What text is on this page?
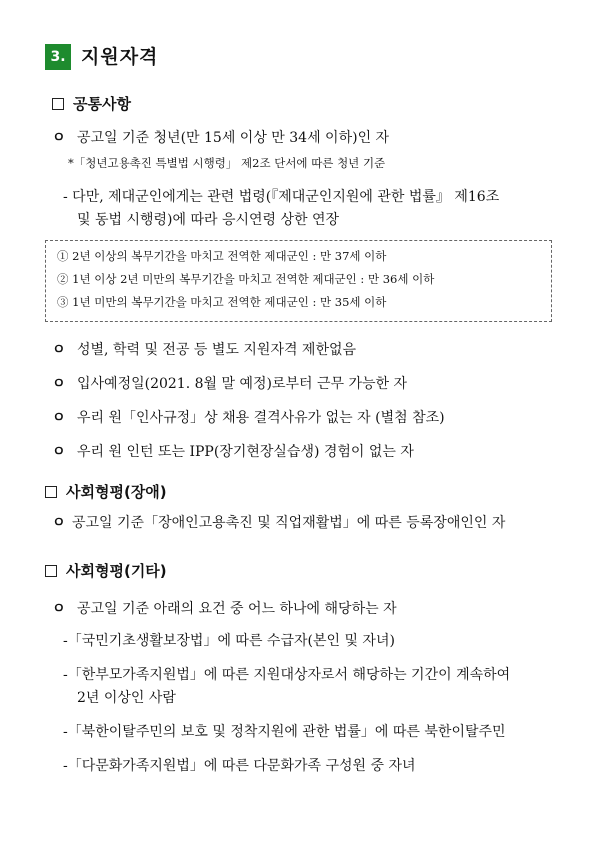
3. 지원자격
공통사항
ㅇ 공고일 기준 청년(만 15세 이상 만 34세 이하)인 자
*「청년고용촉진 특별법 시행령」 제2조 단서에 따른 청년 기준
- 다만, 제대군인에게는 관련 법령(『제대군인지원에 관한 법률』 제16조
및 동법 시행령)에 따라 응시연령 상한 연장
① 2년 이상의 복무기간을 마치고 전역한 제대군인 : 만 37세 이하
② 1년 이상 2년 미만의 복무기간을 마치고 전역한 제대군인 : 만 36세 이하
③ 1년 미만의 복무기간을 마치고 전역한 제대군인 : 만 35세 이하
ㅇ 성별, 학력 및 전공 등 별도 지원자격 제한없음
ㅇ 입사예정일(2021. 8월 말 예정)로부터 근무 가능한 자
ㅇ 우리 원「인사규정」상 채용 결격사유가 없는 자 (별첨 참조)
ㅇ 우리 원 인턴 또는 IPP(장기현장실습생) 경험이 없는 자
사회형평(장애)
ㅇ 공고일 기준「장애인고용촉진 및 직업재활법」에 따른 등록장애인인 자
사회형평(기타)
ㅇ 공고일 기준 아래의 요건 중 어느 하나에 해당하는 자
-「국민기초생활보장법」에 따른 수급자(본인 및 자녀)
-「한부모가족지원법」에 따른 지원대상자로서 해당하는 기간이 계속하여
2년 이상인 사람
-「북한이탈주민의 보호 및 정착지원에 관한 법률」에 따른 북한이탈주민
-「다문화가족지원법」에 따른 다문화가족 구성원 중 자녀
